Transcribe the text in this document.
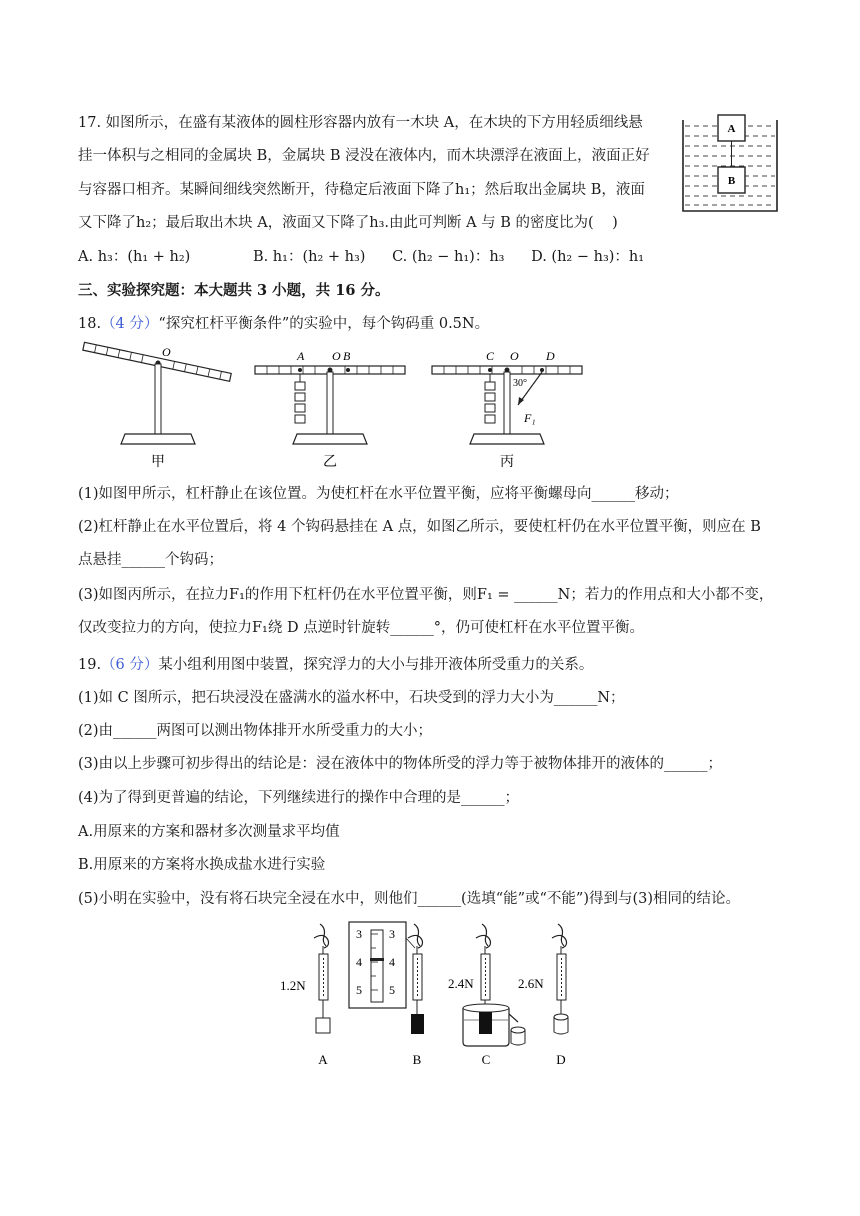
17. 如图所示，在盛有某液体的圆柱形容器内放有一木块 A，在木块的下方用轻质细线悬
挂一体积与之相同的金属块 B，金属块 B 浸没在液体内，而木块漂浮在液面上，液面正好
与容器口相齐。某瞬间细线突然断开，待稳定后液面下降了h₁；然后取出金属块 B，液面
又下降了h₂；最后取出木块 A，液面又下降了h₃.由此可判断 A 与 B 的密度比为(    )
A. h₃：(h₁ + h₂)	B. h₁：(h₂ + h₃) C. (h₂ − h₁)：h₃ D. (h₂ − h₃)：h₁
A
B
三、实验探究题：本大题共 3 小题，共 16 分。
18.（4 分）“探究杠杆平衡条件”的实验中，每个钩码重 0.5N。
O
甲
A O B
乙
C O D
30°
F₁
丙
(1)如图甲所示，杠杆静止在该位置。为使杠杆在水平位置平衡，应将平衡螺母向______移动；
(2)杠杆静止在水平位置后，将 4 个钩码悬挂在 A 点，如图乙所示，要使杠杆仍在水平位置平衡，则应在 B
点悬挂______个钩码；
(3)如图丙所示，在拉力F₁的作用下杠杆仍在水平位置平衡，则F₁ = ______N；若力的作用点和大小都不变，
仅改变拉力的方向，使拉力F₁绕 D 点逆时针旋转______°，仍可使杠杆在水平位置平衡。
19.（6 分）某小组利用图中装置，探究浮力的大小与排开液体所受重力的关系。
(1)如 C 图所示，把石块浸没在盛满水的溢水杯中，石块受到的浮力大小为______N；
(2)由______两图可以测出物体排开水所受重力的大小；
(3)由以上步骤可初步得出的结论是：浸在液体中的物体所受的浮力等于被物体排开的液体的______；
(4)为了得到更普遍的结论，下列继续进行的操作中合理的是______；
A.用原来的方案和器材多次测量求平均值
B.用原来的方案将水换成盐水进行实验
(5)小明在实验中，没有将石块完全浸在水中，则他们______(选填“能”或“不能”)得到与(3)相同的结论。
1.2N
A
3
4
5
3
4
5
B
2.4N
C
2.6N
D
